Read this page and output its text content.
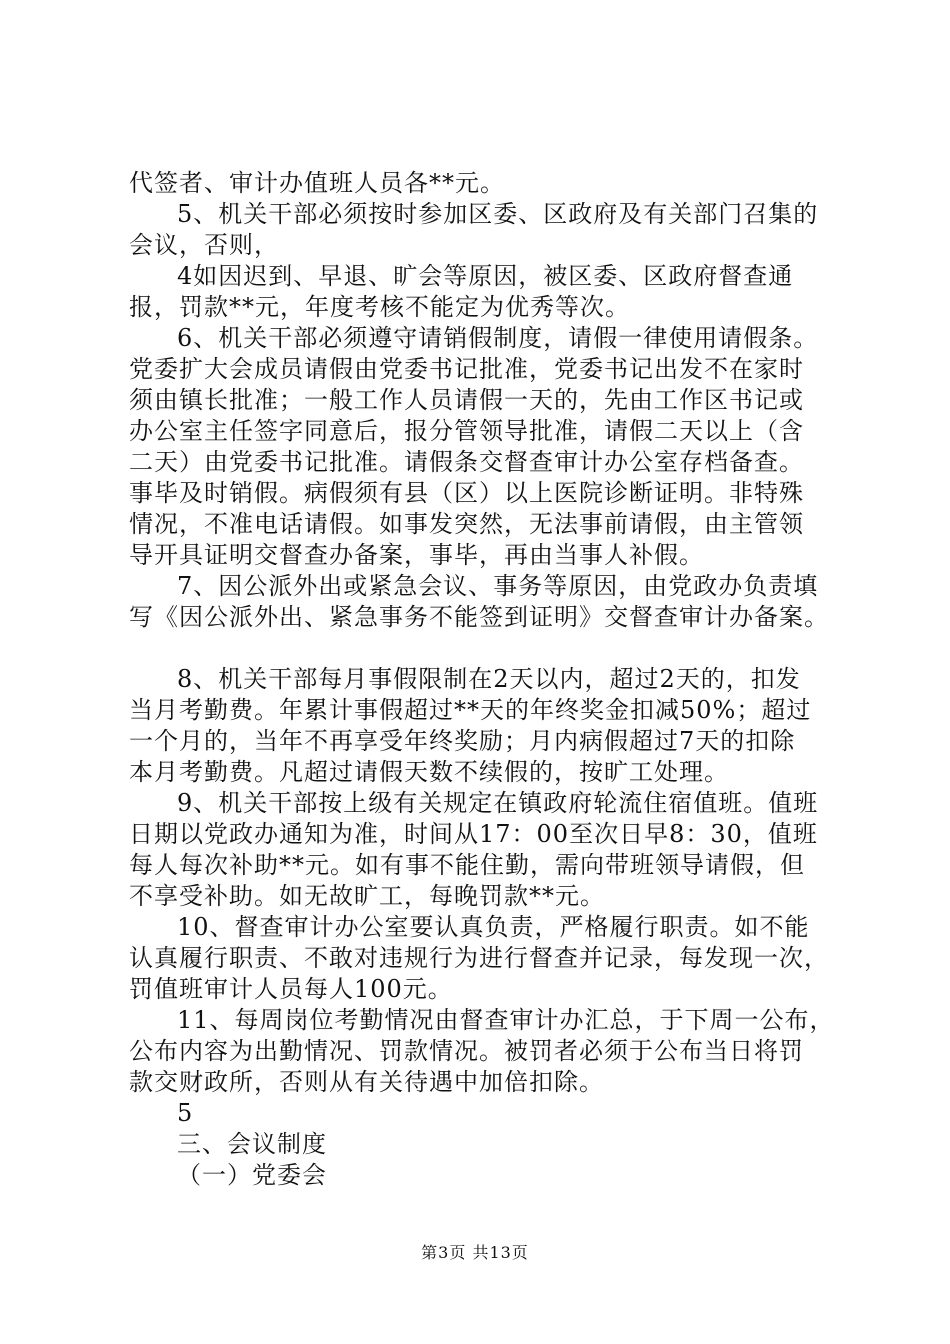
代签者、审计办值班人员各**元。

5、机关干部必须按时参加区委、区政府及有关部门召集的

会议，否则，

4如因迟到、早退、旷会等原因，被区委、区政府督查通

报，罚款**元，年度考核不能定为优秀等次。

6、机关干部必须遵守请销假制度，请假一律使用请假条。

党委扩大会成员请假由党委书记批准，党委书记出发不在家时

须由镇长批准；一般工作人员请假一天的，先由工作区书记或

办公室主任签字同意后，报分管领导批准，请假二天以上（含

二天）由党委书记批准。请假条交督查审计办公室存档备查。

事毕及时销假。病假须有县（区）以上医院诊断证明。非特殊

情况，不准电话请假。如事发突然，无法事前请假，由主管领

导开具证明交督查办备案，事毕，再由当事人补假。

7、因公派外出或紧急会议、事务等原因，由党政办负责填

写《因公派外出、紧急事务不能签到证明》交督查审计办备案。

8、机关干部每月事假限制在2天以内，超过2天的，扣发

当月考勤费。年累计事假超过**天的年终奖金扣减50%；超过

一个月的，当年不再享受年终奖励；月内病假超过7天的扣除

本月考勤费。凡超过请假天数不续假的，按旷工处理。

9、机关干部按上级有关规定在镇政府轮流住宿值班。值班

日期以党政办通知为准，时间从17：00至次日早8：30，值班

每人每次补助**元。如有事不能住勤，需向带班领导请假，但

不享受补助。如无故旷工，每晚罚款**元。

10、督查审计办公室要认真负责，严格履行职责。如不能

认真履行职责、不敢对违规行为进行督查并记录，每发现一次，

罚值班审计人员每人100元。

11、每周岗位考勤情况由督查审计办汇总，于下周一公布，

公布内容为出勤情况、罚款情况。被罚者必须于公布当日将罚

款交财政所，否则从有关待遇中加倍扣除。

5

三、会议制度

（一）党委会

第3页 共13页
